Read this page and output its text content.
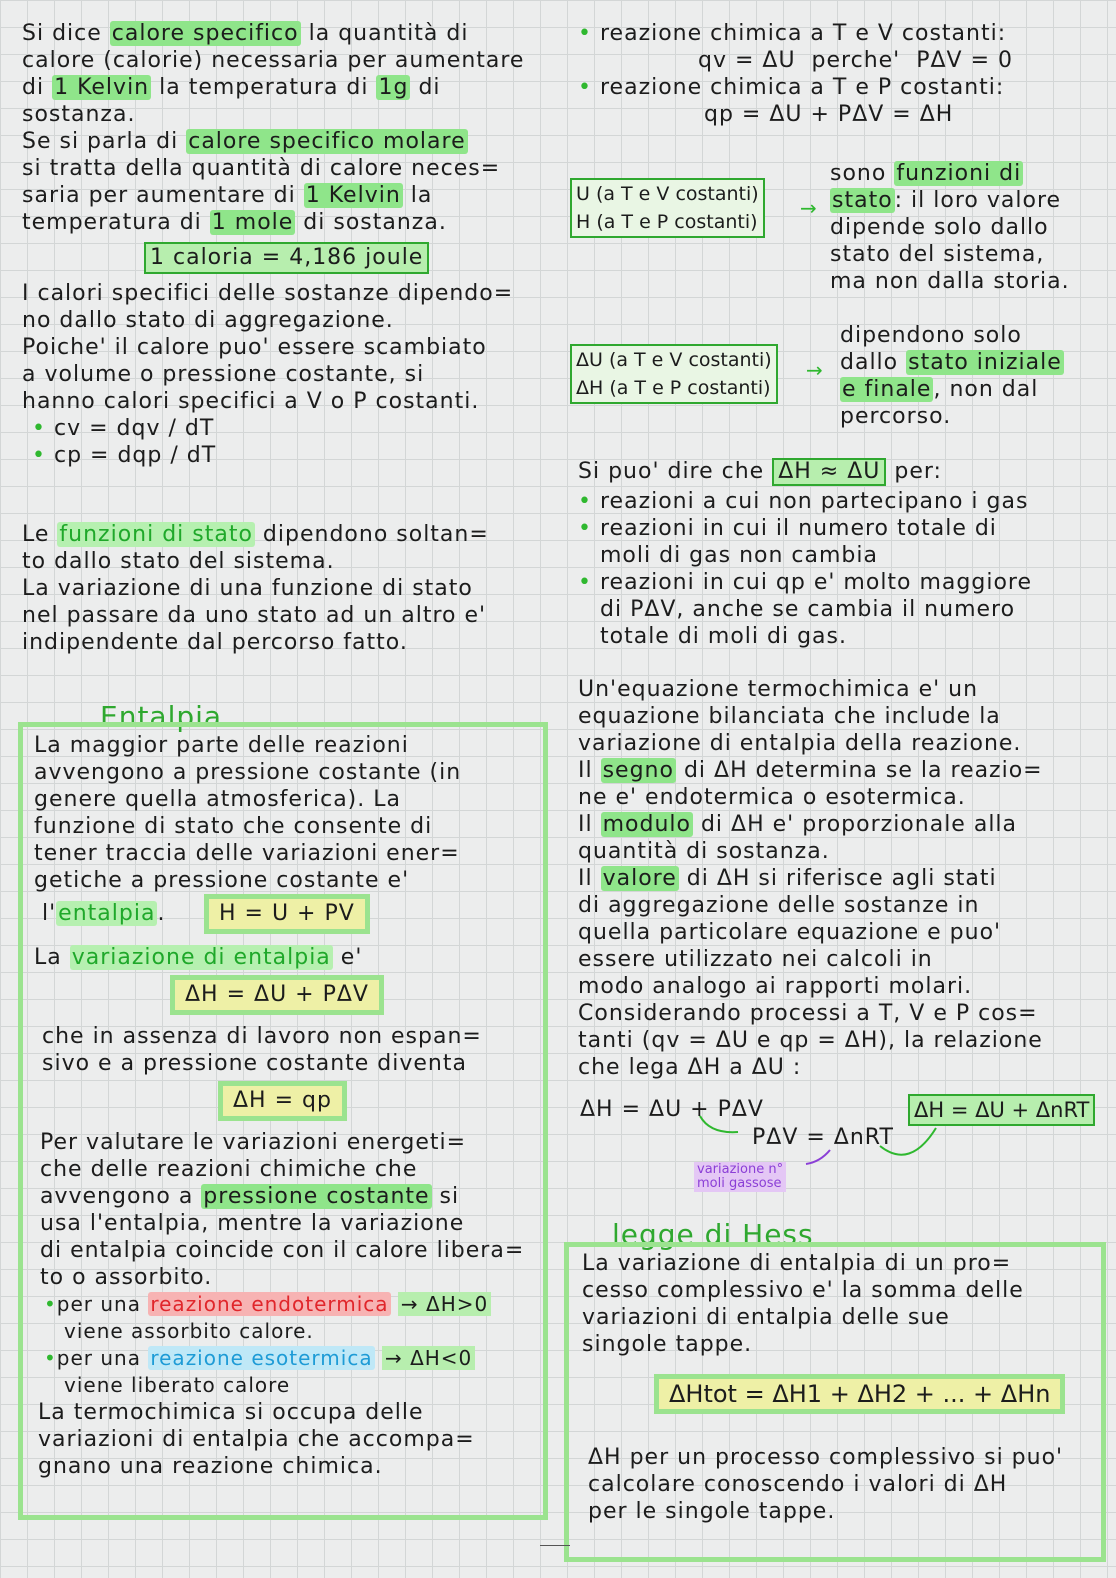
Si dice calore specifico la quantità di
calore (calorie) necessaria per aumentare
di 1 Kelvin la temperatura di 1g di
sostanza.
Se si parla di calore specifico molare
si tratta della quantità di calore neces=
saria per aumentare di 1 Kelvin la
temperatura di 1 mole di sostanza.
1 caloria = 4,186 joule
I calori specifici delle sostanze dipendo=
no dallo stato di aggregazione.
Poiche' il calore puo' essere scambiato
a volume o pressione costante, si
hanno calori specifici a V o P costanti.
• cv = dqv / dT
• cp = dqp / dT
Le funzioni di stato dipendono soltan=
to dallo stato del sistema.
La variazione di una funzione di stato
nel passare da uno stato ad un altro e'
indipendente dal percorso fatto.
Entalpia
La maggior parte delle reazioni
avvengono a pressione costante (in
genere quella atmosferica). La
funzione di stato che consente di
tener traccia delle variazioni ener=
getiche a pressione costante e'
l'entalpia.	H = U + PV
La variazione di entalpia e'
ΔH = ΔU + PΔV
che in assenza di lavoro non espan=
sivo e a pressione costante diventa
ΔH = qp
Per valutare le variazioni energeti=
che delle reazioni chimiche che
avvengono a pressione costante si
usa l'entalpia, mentre la variazione
di entalpia coincide con il calore libera=
to o assorbito.
•per una reazione endotermica → ΔH>0
viene assorbito calore.
•per una reazione esotermica → ΔH<0
viene liberato calore
La termochimica si occupa delle
variazioni di entalpia che accompa=
gnano una reazione chimica.
• reazione chimica a T e V costanti:
qv = ΔU  perche'  PΔV = 0
• reazione chimica a T e P costanti:
qp = ΔU + PΔV = ΔH
U (a T e V costanti)
H (a T e P costanti)
→
sono funzioni di
stato: il loro valore
dipende solo dallo
stato del sistema,
ma non dalla storia.
ΔU (a T e V costanti)
ΔH (a T e P costanti)
→
dipendono solo
dallo stato iniziale
e finale, non dal
percorso.
Si puo' dire che ΔH ≈ ΔU per:
• reazioni a cui non partecipano i gas
• reazioni in cui il numero totale di
moli di gas non cambia
• reazioni in cui qp e' molto maggiore
di PΔV, anche se cambia il numero
totale di moli di gas.
Un'equazione termochimica e' un
equazione bilanciata che include la
variazione di entalpia della reazione.
Il segno di ΔH determina se la reazio=
ne e' endotermica o esotermica.
Il modulo di ΔH e' proporzionale alla
quantità di sostanza.
Il valore di ΔH si riferisce agli stati
di aggregazione delle sostanze in
quella particolare equazione e puo'
essere utilizzato nei calcoli in
modo analogo ai rapporti molari.
Considerando processi a T, V e P cos=
tanti (qv = ΔU e qp = ΔH), la relazione
che lega ΔH a ΔU :
ΔH = ΔU + PΔV
PΔV = ΔnRT
ΔH = ΔU + ΔnRT
variazione n°
moli gassose
legge di Hess
La variazione di entalpia di un pro=
cesso complessivo e' la somma delle
variazioni di entalpia delle sue
singole tappe.
ΔHtot = ΔH1 + ΔH2 + ... + ΔHn
ΔH per un processo complessivo si puo'
calcolare conoscendo i valori di ΔH
per le singole tappe.
